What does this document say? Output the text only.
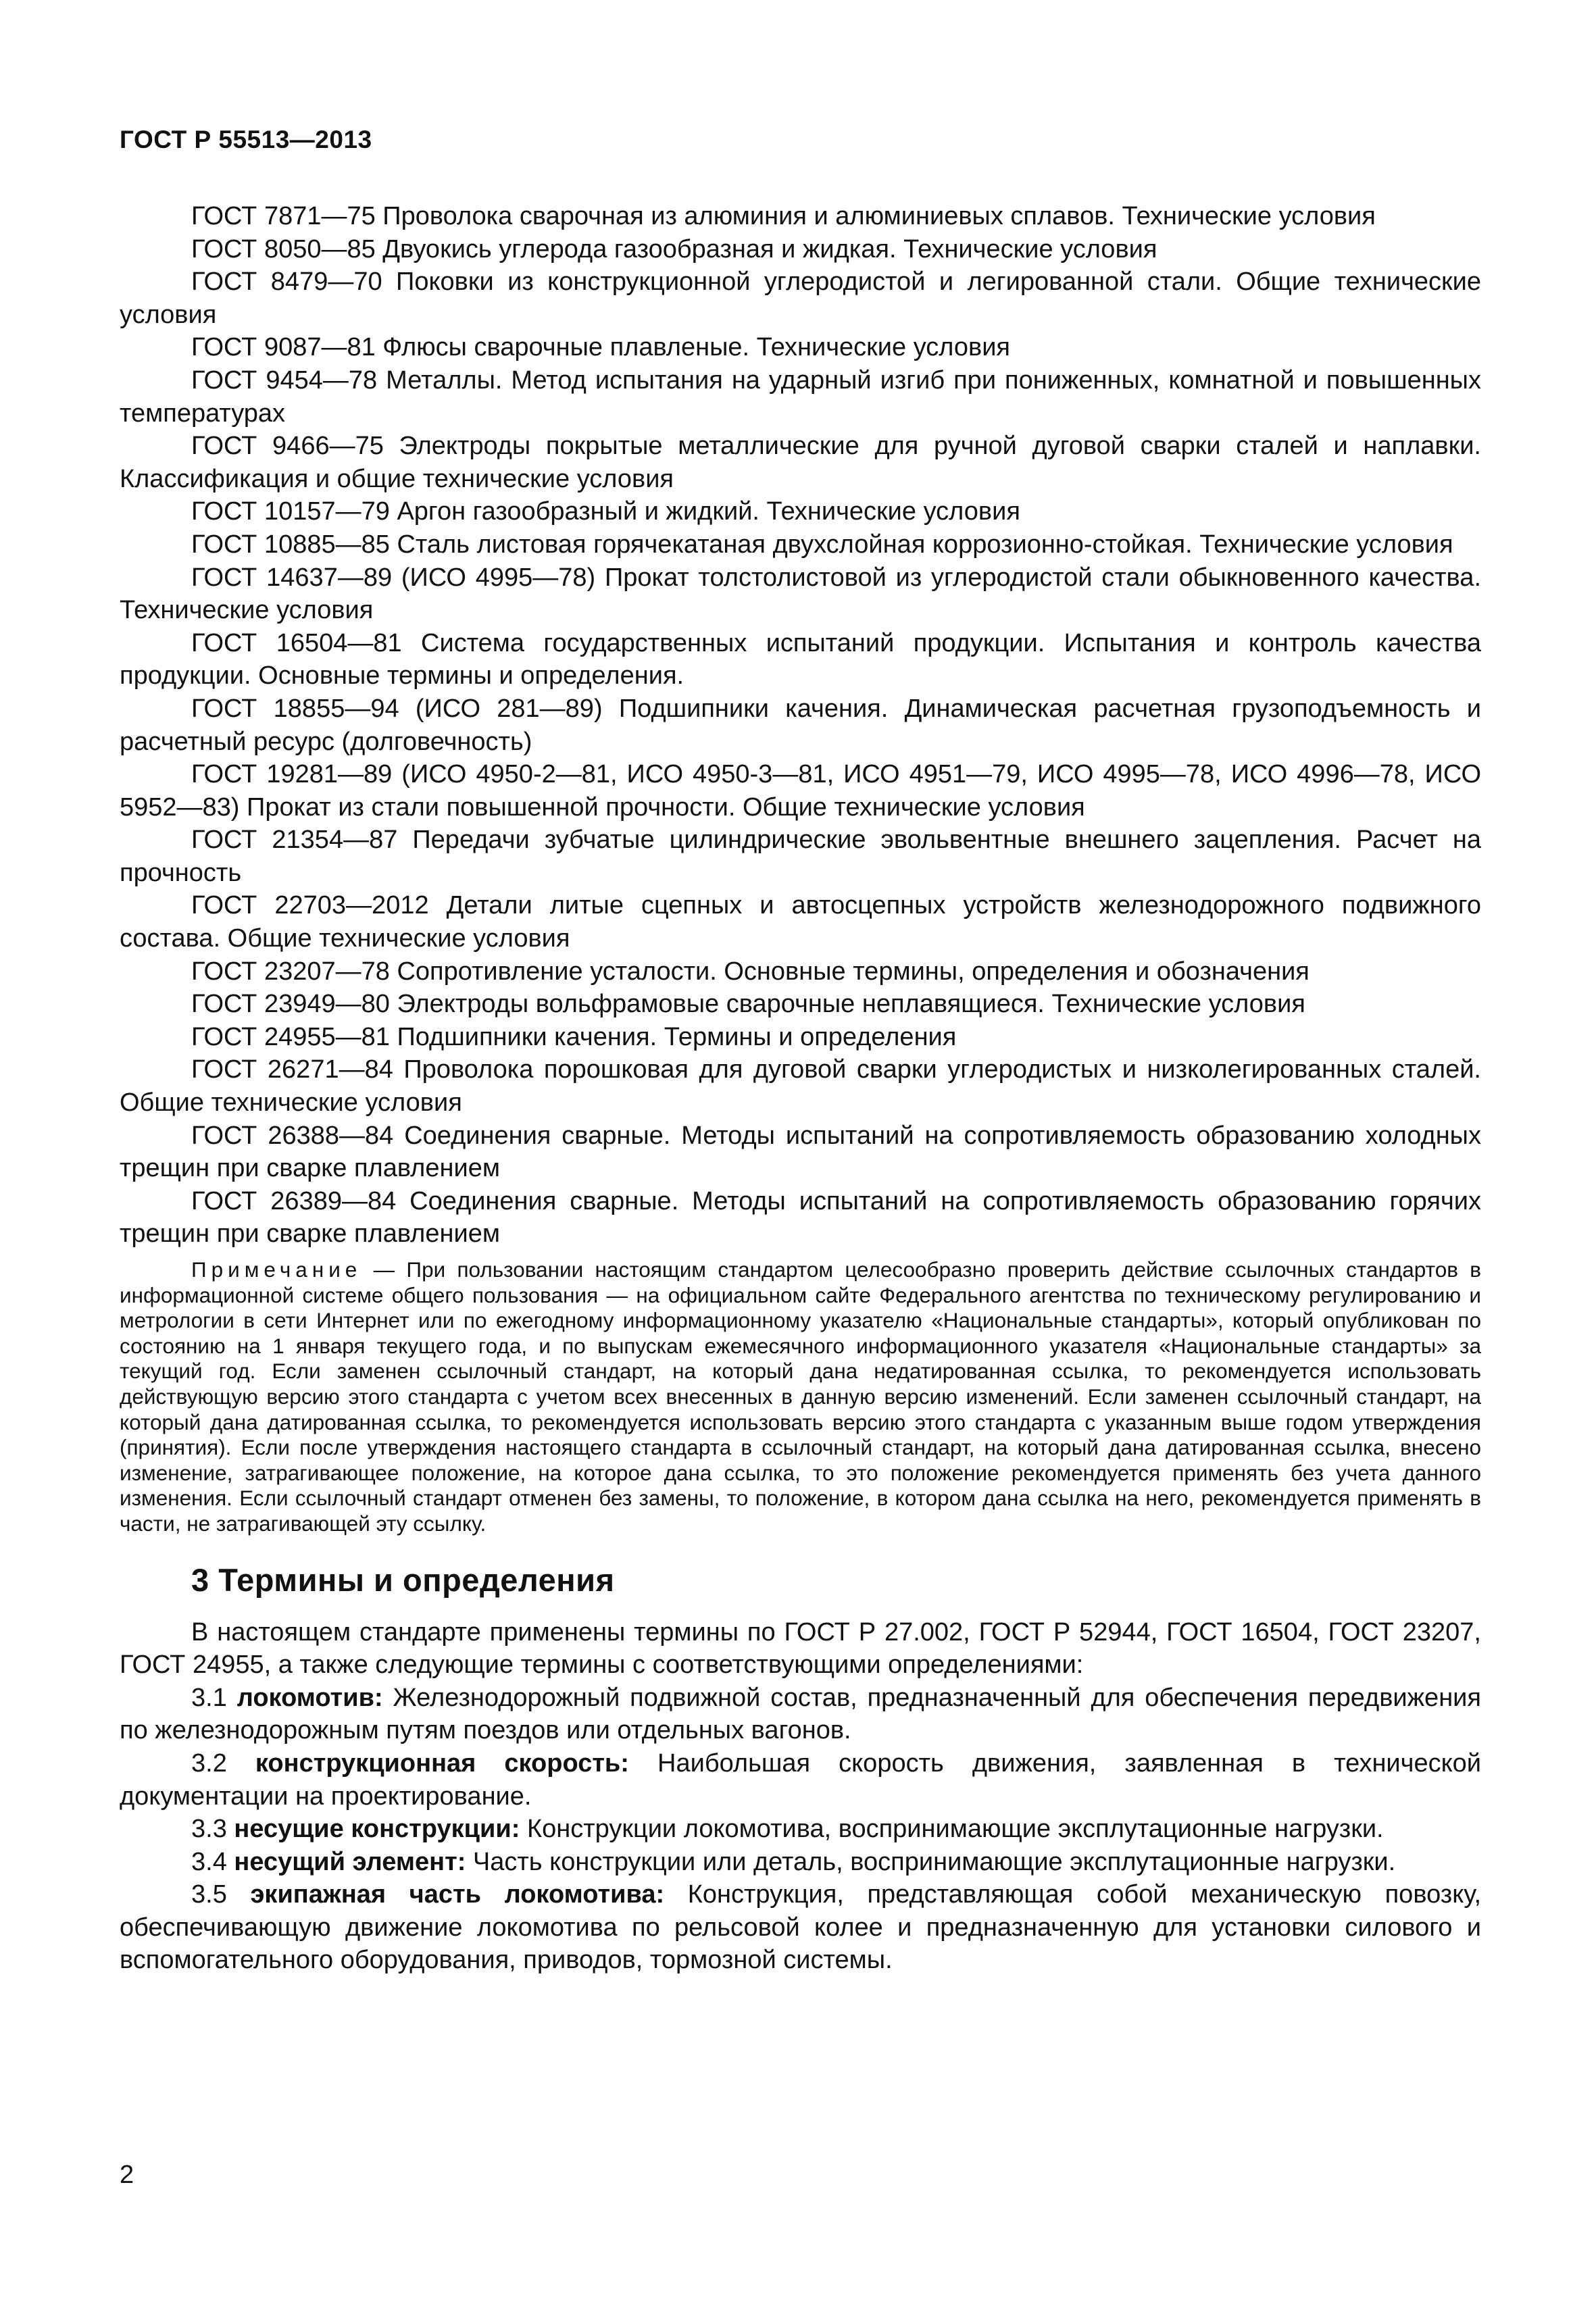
ГОСТ Р 55513—2013

ГОСТ 7871—75 Проволока сварочная из алюминия и алюминиевых сплавов. Технические условия

ГОСТ 8050—85 Двуокись углерода газообразная и жидкая. Технические условия

ГОСТ 8479—70 Поковки из конструкционной углеродистой и легированной стали. Общие технические условия

ГОСТ 9087—81 Флюсы сварочные плавленые. Технические условия

ГОСТ 9454—78 Металлы. Метод испытания на ударный изгиб при пониженных, комнатной и повышенных температурах

ГОСТ 9466—75 Электроды покрытые металлические для ручной дуговой сварки сталей и наплавки. Классификация и общие технические условия

ГОСТ 10157—79 Аргон газообразный и жидкий. Технические условия

ГОСТ 10885—85 Сталь листовая горячекатаная двухслойная коррозионно-стойкая. Технические условия

ГОСТ 14637—89 (ИСО 4995—78) Прокат толстолистовой из углеродистой стали обыкновенного качества. Технические условия

ГОСТ 16504—81 Система государственных испытаний продукции. Испытания и контроль качества продукции. Основные термины и определения.

ГОСТ 18855—94 (ИСО 281—89) Подшипники качения. Динамическая расчетная грузоподъемность и расчетный ресурс (долговечность)

ГОСТ 19281—89 (ИСО 4950-2—81, ИСО 4950-3—81, ИСО 4951—79, ИСО 4995—78, ИСО 4996—78, ИСО 5952—83) Прокат из стали повышенной прочности. Общие технические условия

ГОСТ 21354—87 Передачи зубчатые цилиндрические эвольвентные внешнего зацепления. Расчет на прочность

ГОСТ 22703—2012 Детали литые сцепных и автосцепных устройств железнодорожного подвижного состава. Общие технические условия

ГОСТ 23207—78 Сопротивление усталости. Основные термины, определения и обозначения

ГОСТ 23949—80 Электроды вольфрамовые сварочные неплавящиеся. Технические условия

ГОСТ 24955—81 Подшипники качения. Термины и определения

ГОСТ 26271—84 Проволока порошковая для дуговой сварки углеродистых и низколегированных сталей. Общие технические условия

ГОСТ 26388—84 Соединения сварные. Методы испытаний на сопротивляемость образованию холодных трещин при сварке плавлением

ГОСТ 26389—84 Соединения сварные. Методы испытаний на сопротивляемость образованию горячих трещин при сварке плавлением

Примечание — При пользовании настоящим стандартом целесообразно проверить действие ссылочных стандартов в информационной системе общего пользования — на официальном сайте Федерального агентства по техническому регулированию и метрологии в сети Интернет или по ежегодному информационному указателю «Национальные стандарты», который опубликован по состоянию на 1 января текущего года, и по выпускам ежемесячного информационного указателя «Национальные стандарты» за текущий год. Если заменен ссылочный стандарт, на который дана недатированная ссылка, то рекомендуется использовать действующую версию этого стандарта с учетом всех внесенных в данную версию изменений. Если заменен ссылочный стандарт, на который дана датированная ссылка, то рекомендуется использовать версию этого стандарта с указанным выше годом утверждения (принятия). Если после утверждения настоящего стандарта в ссылочный стандарт, на который дана датированная ссылка, внесено изменение, затрагивающее положение, на которое дана ссылка, то это положение рекомендуется применять без учета данного изменения. Если ссылочный стандарт отменен без замены, то положение, в котором дана ссылка на него, рекомендуется применять в части, не затрагивающей эту ссылку.

3 Термины и определения

В настоящем стандарте применены термины по ГОСТ Р 27.002, ГОСТ Р 52944, ГОСТ 16504, ГОСТ 23207, ГОСТ 24955, а также следующие термины с соответствующими определениями:

3.1 локомотив: Железнодорожный подвижной состав, предназначенный для обеспечения передвижения по железнодорожным путям поездов или отдельных вагонов.

3.2 конструкционная скорость: Наибольшая скорость движения, заявленная в технической документации на проектирование.

3.3 несущие конструкции: Конструкции локомотива, воспринимающие эксплутационные нагрузки.

3.4 несущий элемент: Часть конструкции или деталь, воспринимающие эксплутационные нагрузки.

3.5 экипажная часть локомотива: Конструкция, представляющая собой механическую повозку, обеспечивающую движение локомотива по рельсовой колее и предназначенную для установки силового и вспомогательного оборудования, приводов, тормозной системы.

2
